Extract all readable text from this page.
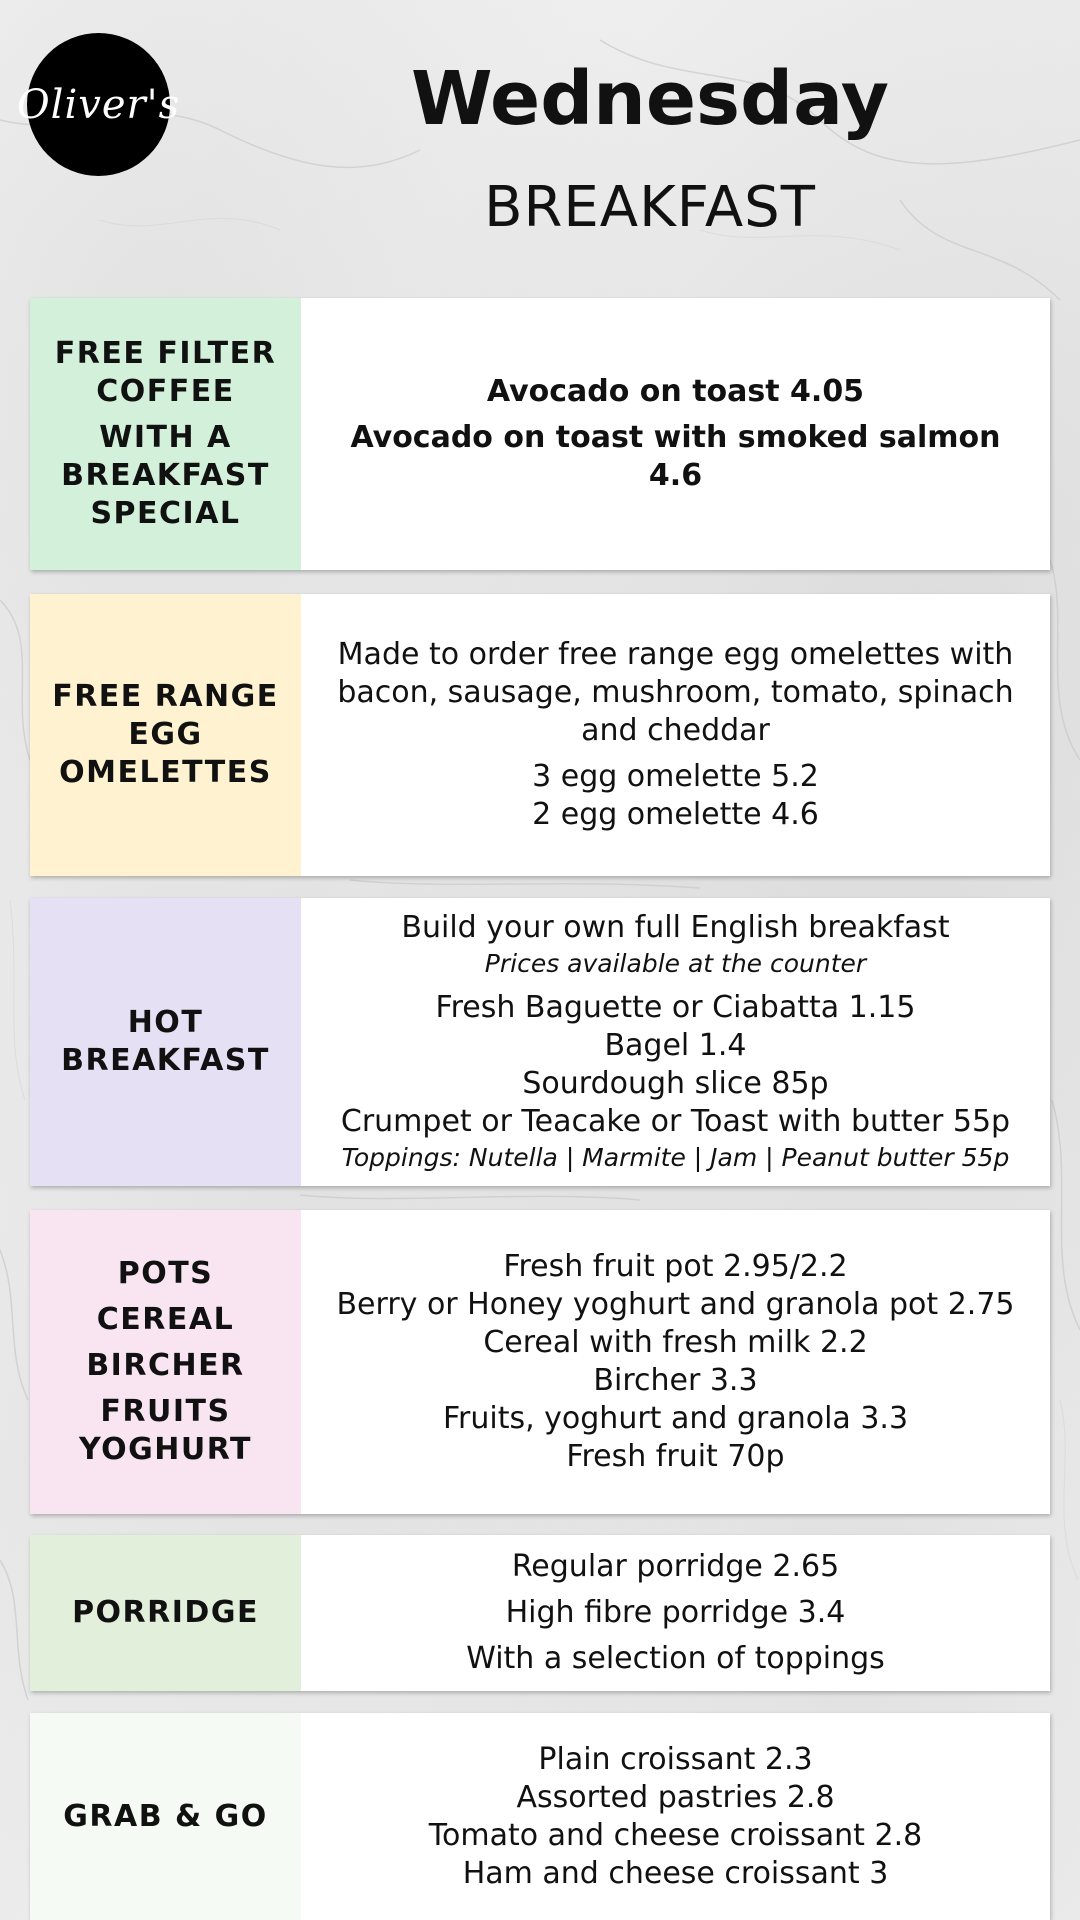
Oliver's	Wednesday
BREAKFAST
FREE FILTER
COFFEE
WITH A
BREAKFAST
SPECIAL
Avocado on toast 4.05
Avocado on toast with smoked salmon 4.6
FREE RANGE
EGG
OMELETTES
Made to order free range egg omelettes with bacon, sausage, mushroom, tomato, spinach and cheddar
3 egg omelette 5.2
2 egg omelette 4.6
HOT
BREAKFAST
Build your own full English breakfast
Prices available at the counter
Fresh Baguette or Ciabatta 1.15
Bagel 1.4
Sourdough slice 85p
Crumpet or Teacake or Toast with butter 55p
Toppings: Nutella | Marmite | Jam | Peanut butter 55p
POTS
CEREAL
BIRCHER
FRUITS
YOGHURT
Fresh fruit pot 2.95/2.2
Berry or Honey yoghurt and granola pot 2.75
Cereal with fresh milk 2.2
Bircher 3.3
Fruits, yoghurt and granola 3.3
Fresh fruit 70p
PORRIDGE
Regular porridge 2.65
High fibre porridge 3.4
With a selection of toppings
GRAB & GO
Plain croissant 2.3
Assorted pastries 2.8
Tomato and cheese croissant 2.8
Ham and cheese croissant 3
